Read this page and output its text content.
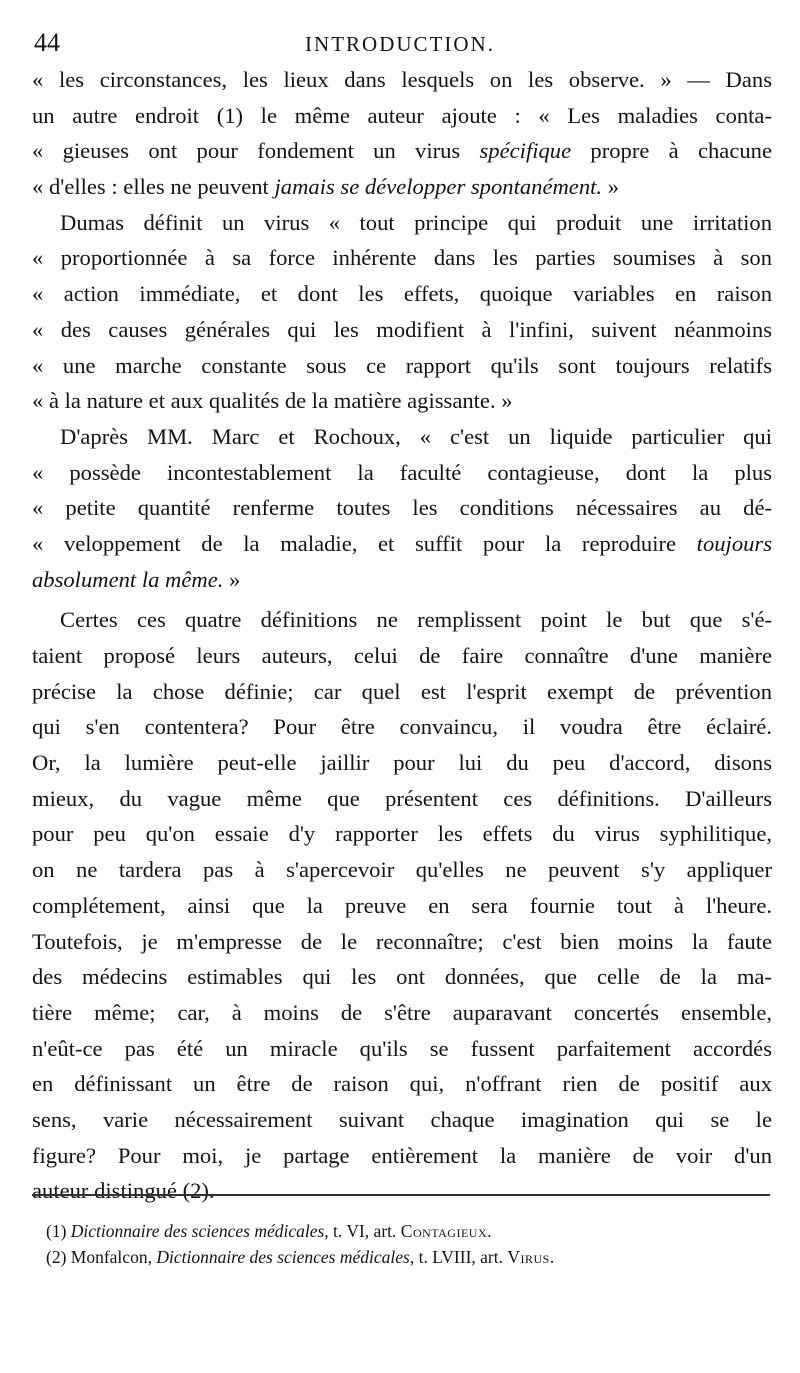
44	INTRODUCTION.
« les circonstances, les lieux dans lesquels on les observe. » — Dans
un autre endroit (1) le même auteur ajoute : « Les maladies conta-
« gieuses ont pour fondement un virus spécifique propre à chacune
« d'elles : elles ne peuvent jamais se développer spontanément. »
Dumas définit un virus « tout principe qui produit une irritation
« proportionnée à sa force inhérente dans les parties soumises à son
« action immédiate, et dont les effets, quoique variables en raison
« des causes générales qui les modifient à l'infini, suivent néanmoins
« une marche constante sous ce rapport qu'ils sont toujours relatifs
« à la nature et aux qualités de la matière agissante. »
D'après MM. Marc et Rochoux, « c'est un liquide particulier qui
« possède incontestablement la faculté contagieuse, dont la plus
« petite quantité renferme toutes les conditions nécessaires au dé-
« veloppement de la maladie, et suffit pour la reproduire toujours
absolument la même. »
Certes ces quatre définitions ne remplissent point le but que s'é-
taient proposé leurs auteurs, celui de faire connaître d'une manière
précise la chose définie; car quel est l'esprit exempt de prévention
qui s'en contentera? Pour être convaincu, il voudra être éclairé.
Or, la lumière peut-elle jaillir pour lui du peu d'accord, disons
mieux, du vague même que présentent ces définitions. D'ailleurs
pour peu qu'on essaie d'y rapporter les effets du virus syphilitique,
on ne tardera pas à s'apercevoir qu'elles ne peuvent s'y appliquer
complétement, ainsi que la preuve en sera fournie tout à l'heure.
Toutefois, je m'empresse de le reconnaître; c'est bien moins la faute
des médecins estimables qui les ont données, que celle de la ma-
tière même; car, à moins de s'être auparavant concertés ensemble,
n'eût-ce pas été un miracle qu'ils se fussent parfaitement accordés
en définissant un être de raison qui, n'offrant rien de positif aux
sens, varie nécessairement suivant chaque imagination qui se le
figure? Pour moi, je partage entièrement la manière de voir d'un
auteur distingué (2).
(1) Dictionnaire des sciences médicales, t. VI, art. Contagieux.
(2) Monfalcon, Dictionnaire des sciences médicales, t. LVIII, art. Virus.
